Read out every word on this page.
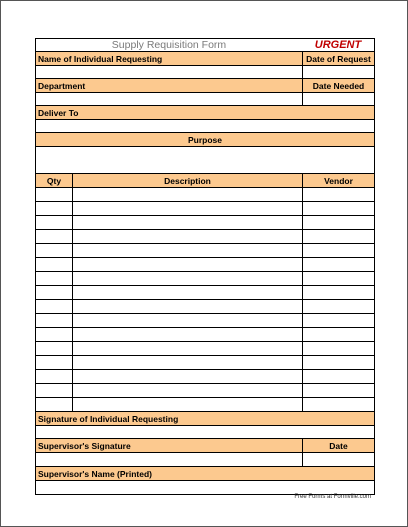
Supply Requisition Form	URGENT
Name of Individual Requesting	Date of Request
Department	Date Needed
Deliver To
Purpose
Qty	Description	Vendor
Signature of Individual Requesting
Supervisor's Signature	Date
Supervisor's Name (Printed)
Free Forms at Formville.com
